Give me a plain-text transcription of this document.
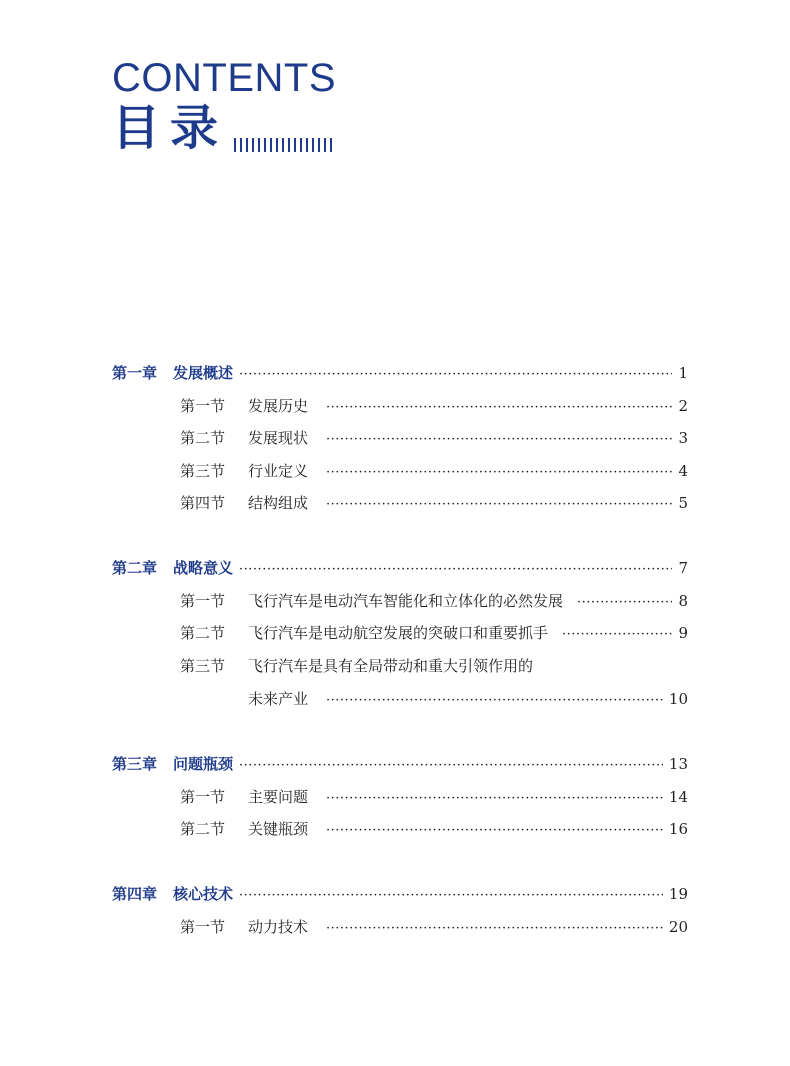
CONTENTS
目录
第一章 发展概述 ·····	1
第一节 发展历史 ·····	2
第二节 发展现状 ·····	3
第三节 行业定义 ·····	4
第四节 结构组成 ·····	5
第二章 战略意义 ·····	7
第一节 飞行汽车是电动汽车智能化和立体化的必然发展 ·····	8
第二节 飞行汽车是电动航空发展的突破口和重要抓手 ·····	9
第三节 飞行汽车是具有全局带动和重大引领作用的
未来产业 ·····	10
第三章 问题瓶颈 ·····	13
第一节 主要问题 ·····	14
第二节 关键瓶颈 ·····	16
第四章 核心技术 ·····	19
第一节 动力技术 ·····	20
